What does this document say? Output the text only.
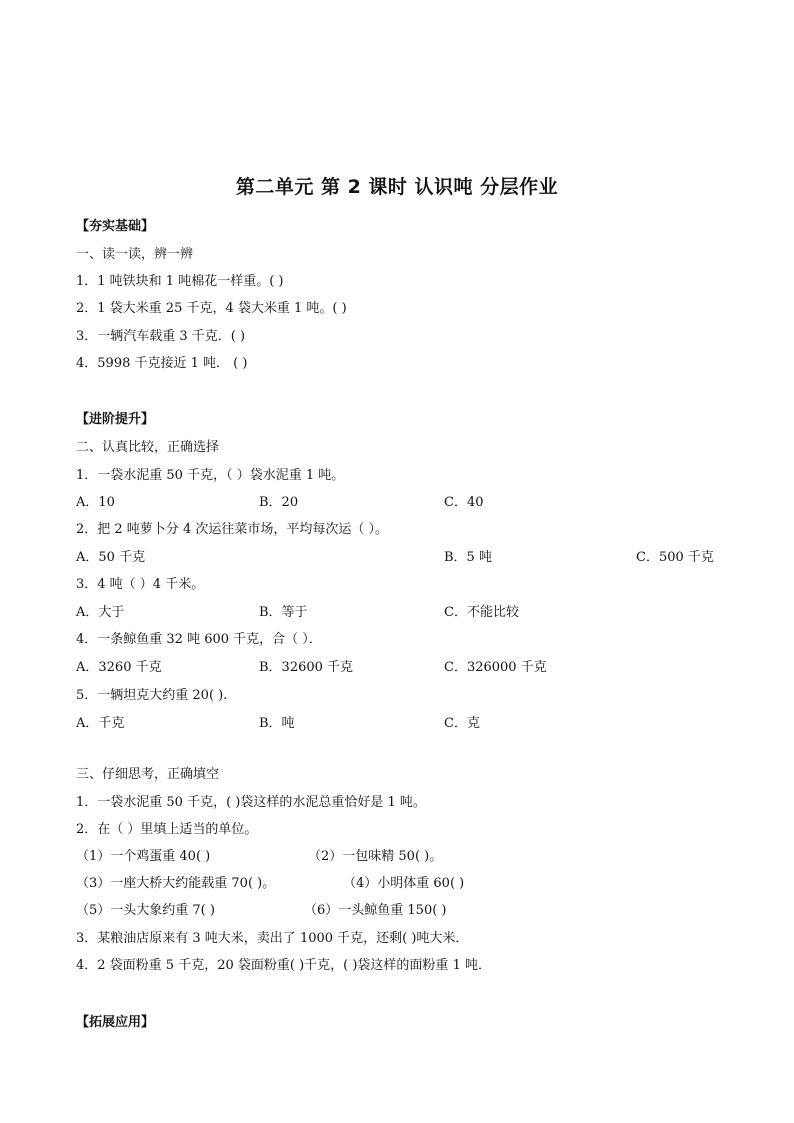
第二单元 第 2 课时 认识吨 分层作业
【夯实基础】
一、读一读，辨一辨
1．1 吨铁块和 1 吨棉花一样重。( )
2．1 袋大米重 25 千克，4 袋大米重 1 吨。( )
3．一辆汽车载重 3 千克．( )
4．5998 千克接近 1 吨． ( )
【进阶提升】
二、认真比较，正确选择
1．一袋水泥重 50 千克，（ ）袋水泥重 1 吨。
A．10	B．20	C．40
2．把 2 吨萝卜分 4 次运往菜市场，平均每次运（ ）。
A．50 千克	B．5 吨	C．500 千克
3．4 吨（ ）4 千米。
A．大于	B．等于	C．不能比较
4．一条鲸鱼重 32 吨 600 千克，合（ ）．
A．3260 千克	B．32600 千克	C．326000 千克
5．一辆坦克大约重 20( ).
A．千克	B．吨	C．克
三、仔细思考，正确填空
1．一袋水泥重 50 千克，( )袋这样的水泥总重恰好是 1 吨。
2．在（ ）里填上适当的单位。
（1）一个鸡蛋重 40( )	（2）一包味精 50( )。
（3）一座大桥大约能载重 70( )。	（4）小明体重 60( )
（5）一头大象约重 7( )	（6）一头鲸鱼重 150( )
3．某粮油店原来有 3 吨大米，卖出了 1000 千克，还剩( )吨大米．
4．2 袋面粉重 5 千克，20 袋面粉重( )千克，( )袋这样的面粉重 1 吨．
【拓展应用】
